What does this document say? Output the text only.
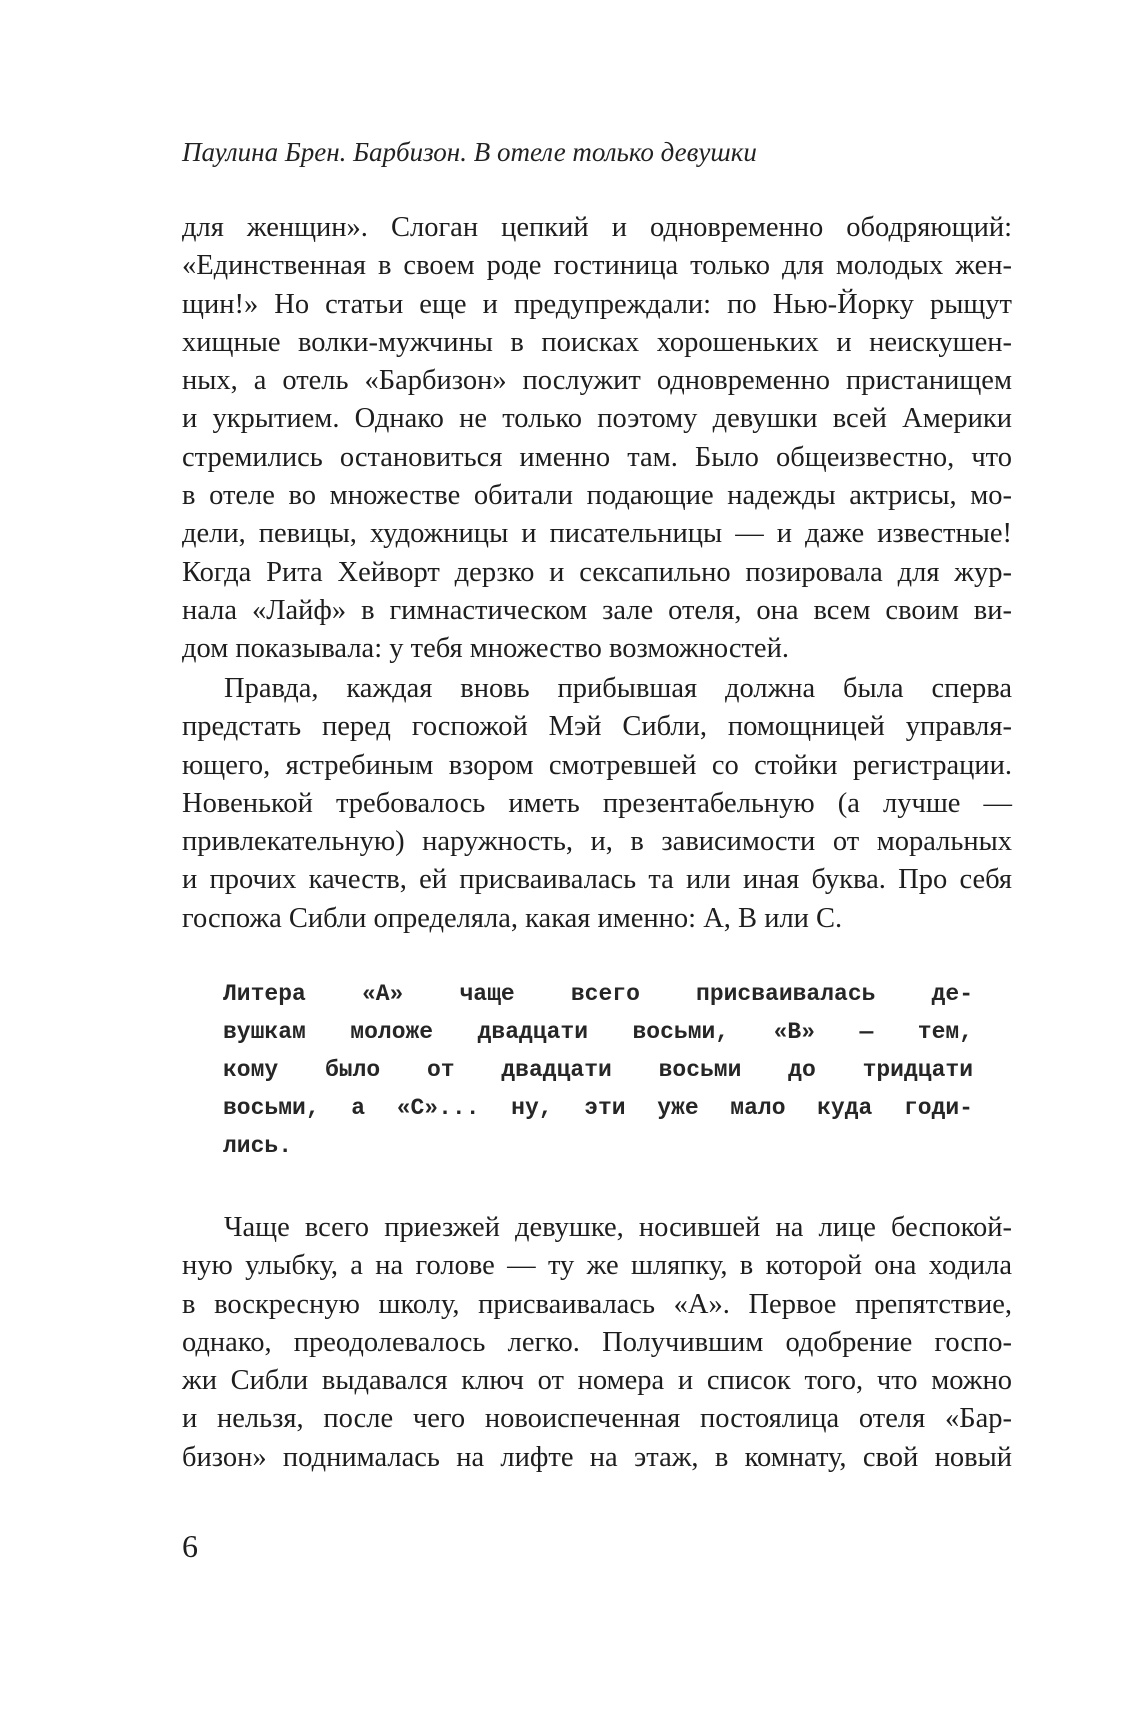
Паулина Брен. Барбизон. В отеле только девушки

для женщин». Слоган цепкий и одновременно ободряющий:
«Единственная в своем роде гостиница только для молодых жен-
щин!» Но статьи еще и предупреждали: по Нью-Йорку рыщут
хищные волки-мужчины в поисках хорошеньких и неискушен-
ных, а отель «Барбизон» послужит одновременно пристанищем
и укрытием. Однако не только поэтому девушки всей Америки
стремились остановиться именно там. Было общеизвестно, что
в отеле во множестве обитали подающие надежды актрисы, мо-
дели, певицы, художницы и писательницы — и даже известные!
Когда Рита Хейворт дерзко и сексапильно позировала для жур-
нала «Лайф» в гимнастическом зале отеля, она всем своим ви-
дом показывала: у тебя множество возможностей.

Правда, каждая вновь прибывшая должна была сперва
предстать перед госпожой Мэй Сибли, помощницей управля-
ющего, ястребиным взором смотревшей со стойки регистрации.
Новенькой требовалось иметь презентабельную (а лучше —
привлекательную) наружность, и, в зависимости от моральных
и прочих качеств, ей присваивалась та или иная буква. Про себя
госпожа Сибли определяла, какая именно: A, B или C.

Литера «A» чаще всего присваивалась де-
вушкам моложе двадцати восьми, «B» — тем,
кому было от двадцати восьми до тридцати
восьми, а «C»... ну, эти уже мало куда годи-
лись.

Чаще всего приезжей девушке, носившей на лице беспокой-
ную улыбку, а на голове — ту же шляпку, в которой она ходила
в воскресную школу, присваивалась «A». Первое препятствие,
однако, преодолевалось легко. Получившим одобрение госпо-
жи Сибли выдавался ключ от номера и список того, что можно
и нельзя, после чего новоиспеченная постоялица отеля «Бар-
бизон» поднималась на лифте на этаж, в комнату, свой новый

6
